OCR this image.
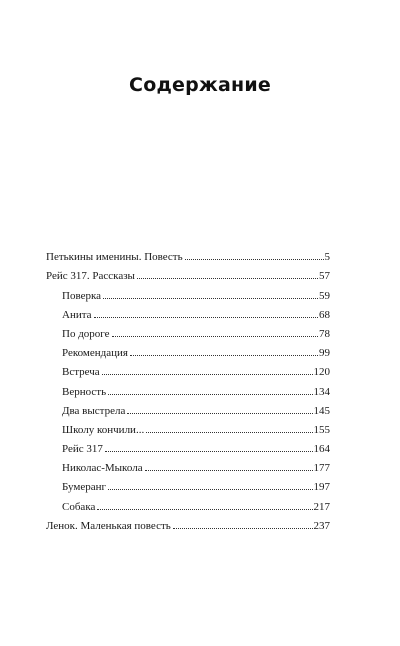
Содержание
Петькины именины. Повесть	5
Рейс 317. Рассказы	57
Поверка	59
Анита	68
По дороге	78
Рекомендация	99
Встреча	120
Верность	134
Два выстрела	145
Школу кончили...	155
Рейс 317	164
Николас-Мыкола	177
Бумеранг	197
Собака	217
Ленок. Маленькая повесть	237
